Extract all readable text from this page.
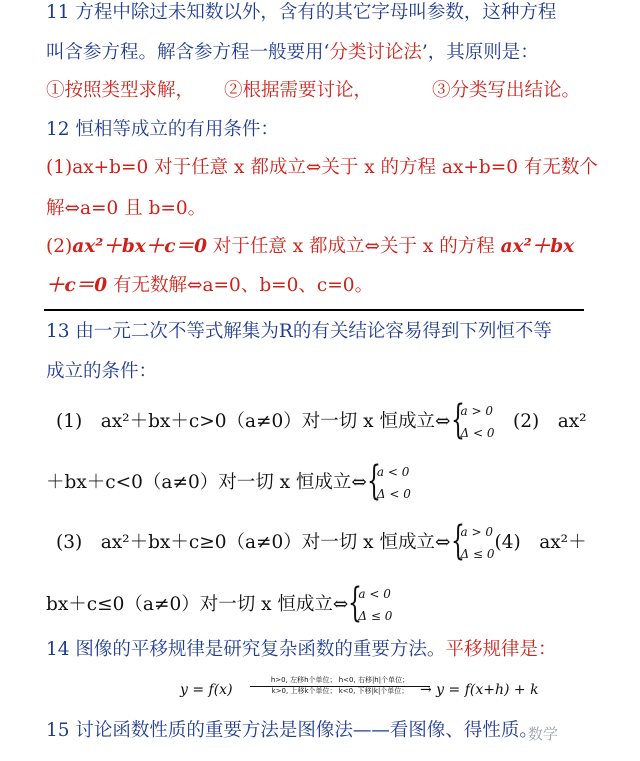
11 方程中除过未知数以外，含有的其它字母叫参数，这种方程
叫含参方程。解含参方程一般要用‘分类讨论法’，其原则是：
①按照类型求解， ②根据需要讨论，	③分类写出结论。
12 恒相等成立的有用条件：
(1)ax+b=0 对于任意 x 都成立⇔关于 x 的方程 ax+b=0 有无数个
解⇔a=0 且 b=0。
(2)ax²＋bx＋c＝0 对于任意 x 都成立⇔关于 x 的方程 ax²＋bx
＋c＝0 有无数解⇔a=0、b=0、c=0。
13 由一元二次不等式解集为R的有关结论容易得到下列恒不等
成立的条件：
(1)　ax²＋bx＋c>0（a≠0）对一切 x 恒成立⇔ {
a > 0
Δ < 0
　(2)　ax²
＋bx＋c<0（a≠0）对一切 x 恒成立⇔ {
a < 0
Δ < 0
(3)　ax²＋bx＋c≥0（a≠0）对一切 x 恒成立⇔ {
a > 0
Δ ≤ 0
(4)　ax²＋
bx＋c≤0（a≠0）对一切 x 恒成立⇔ {
a < 0
Δ ≤ 0
14 图像的平移规律是研究复杂函数的重要方法。平移规律是：
y = f(x)
h>0, 左移h个单位； h<0, 右移|h|个单位；
k>0, 上移k个单位； k<0, 下移|k|个单位； → y = f(x+h) + k
15 讨论函数性质的重要方法是图像法——看图像、得性质。
数学
